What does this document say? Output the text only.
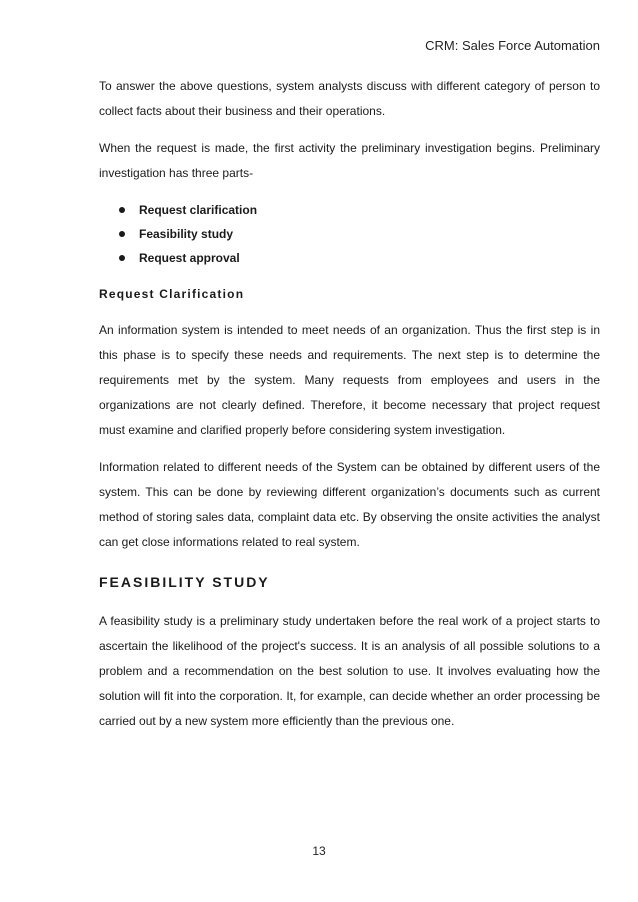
CRM: Sales Force Automation

To answer the above questions, system analysts discuss with different category of person to collect facts about their business and their operations.

When the request is made, the first activity the preliminary investigation begins. Preliminary investigation has three parts-

Request clarification
Feasibility study
Request approval
Request Clarification

An information system is intended to meet needs of an organization. Thus the first step is in this phase is to specify these needs and requirements. The next step is to determine the requirements met by the system. Many requests from employees and users in the organizations are not clearly defined. Therefore, it become necessary that project request must examine and clarified properly before considering system investigation.

Information related to different needs of the System can be obtained by different users of the system. This can be done by reviewing different organization’s documents such as current method of storing sales data, complaint data etc. By observing the onsite activities the analyst can get close informations related to real system.

FEASIBILITY STUDY

A feasibility study is a preliminary study undertaken before the real work of a project starts to ascertain the likelihood of the project's success. It is an analysis of all possible solutions to a problem and a recommendation on the best solution to use. It involves evaluating how the solution will fit into the corporation. It, for example, can decide whether an order processing be carried out by a new system more efficiently than the previous one.

13
